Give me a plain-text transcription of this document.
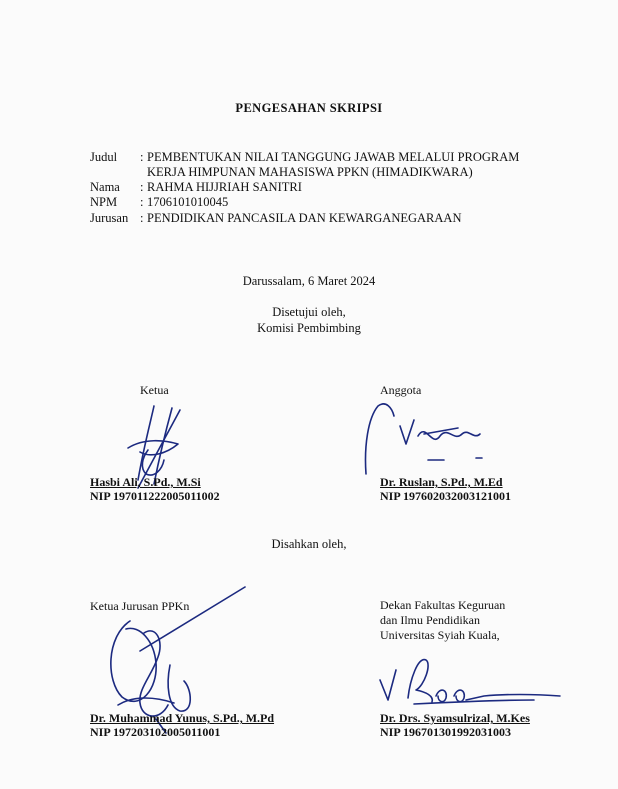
PENGESAHAN SKRIPSI
Judul : PEMBENTUKAN NILAI TANGGUNG JAWAB MELALUI PROGRAM
KERJA HIMPUNAN MAHASISWA PPKN (HIMADIKWARA)
Nama : RAHMA HIJJRIAH SANITRI
NPM : 1706101010045
Jurusan : PENDIDIKAN PANCASILA DAN KEWARGANEGARAAN
Darussalam, 6 Maret 2024
Disetujui oleh,
Komisi Pembimbing
Ketua
Hasbi Ali, S.Pd., M.Si
NIP 197011222005011002
Anggota
Dr. Ruslan, S.Pd., M.Ed
NIP 197602032003121001
Disahkan oleh,
Ketua Jurusan PPKn
Dr. Muhammad Yunus, S.Pd., M.Pd
NIP 197203102005011001
Dekan Fakultas Keguruan
dan Ilmu Pendidikan
Universitas Syiah Kuala,
Dr. Drs. Syamsulrizal, M.Kes
NIP 196701301992031003
